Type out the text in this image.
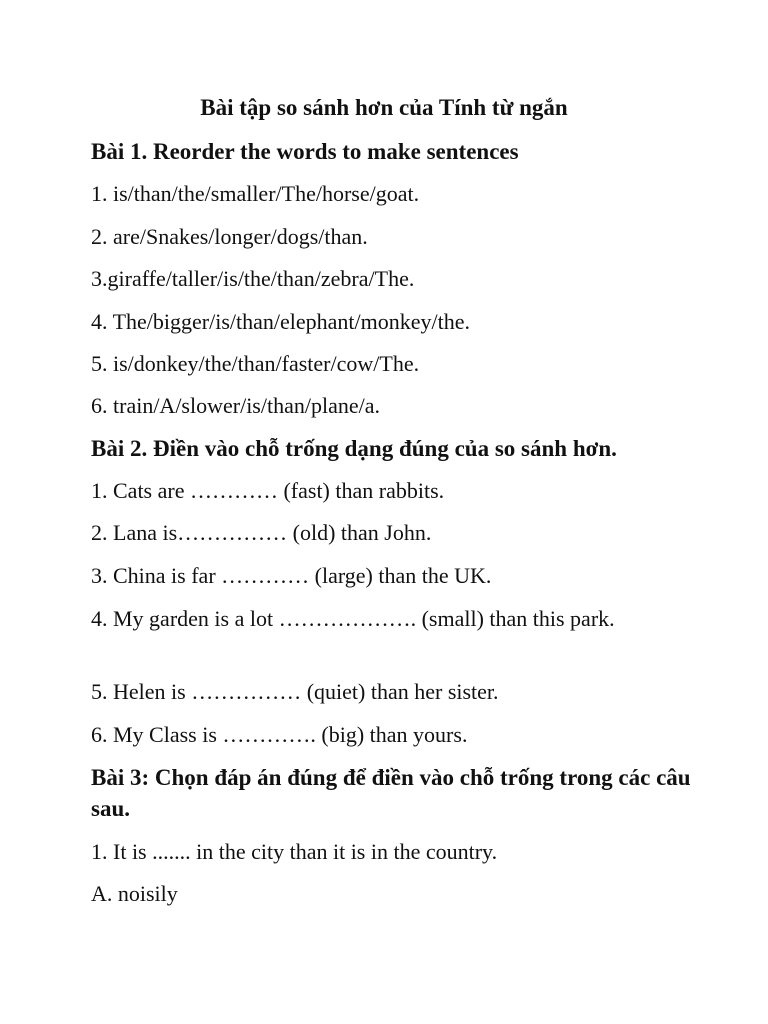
Bài tập so sánh hơn của Tính từ ngắn
Bài 1. Reorder the words to make sentences
1. is/than/the/smaller/The/horse/goat.
2. are/Snakes/longer/dogs/than.
3.giraffe/taller/is/the/than/zebra/The.
4. The/bigger/is/than/elephant/monkey/the.
5. is/donkey/the/than/faster/cow/The.
6. train/A/slower/is/than/plane/a.
Bài 2. Điền vào chỗ trống dạng đúng của so sánh hơn.
1. Cats are ………… (fast) than rabbits.
2. Lana is…………… (old) than John.
3. China is far ………… (large) than the UK.
4. My garden is a lot ………………. (small) than this park.
5. Helen is …………… (quiet) than her sister.
6. My Class is …………. (big) than yours.
Bài 3: Chọn đáp án đúng để điền vào chỗ trống trong các câu sau.
1. It is ....... in the city than it is in the country.
A. noisily
